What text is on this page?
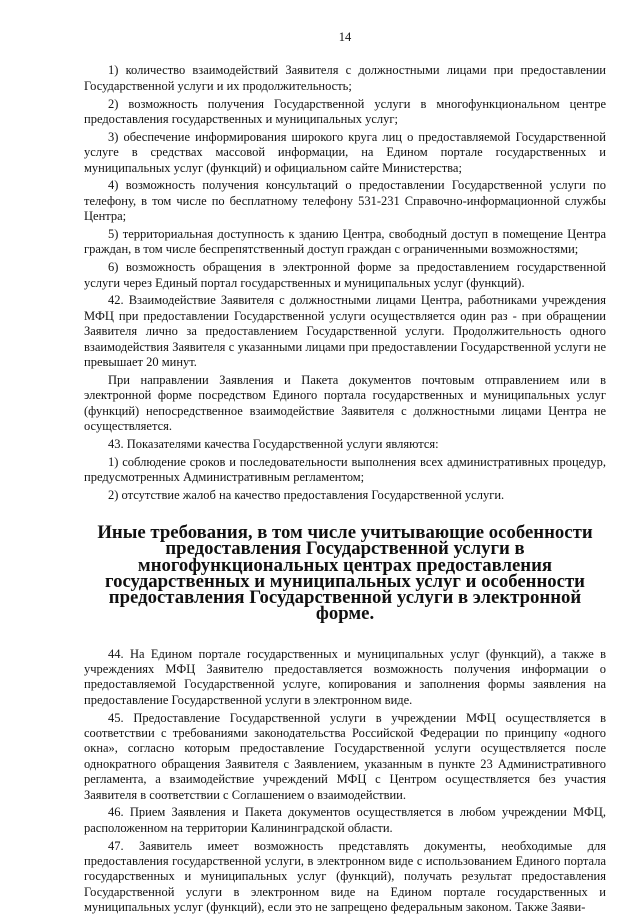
14

1) количество взаимодействий Заявителя с должностными лицами при предоставлении Государственной услуги и их продолжительность;

2) возможность получения Государственной услуги в многофункциональном центре предоставления государственных и муниципальных услуг;

3) обеспечение информирования широкого круга лиц о предоставляемой Государственной услуге в средствах массовой информации, на Едином портале государственных и муниципальных услуг (функций) и официальном сайте Министерства;

4) возможность получения консультаций о предоставлении Государственной услуги по телефону, в том числе по бесплатному телефону 531-231 Справочно-информационной службы Центра;

5) территориальная доступность к зданию Центра, свободный доступ в помещение Центра граждан, в том числе беспрепятственный доступ граждан с ограниченными возможностями;

6) возможность обращения в электронной форме за предоставлением государственной услуги через Единый портал государственных и муниципальных услуг (функций).

42. Взаимодействие Заявителя с должностными лицами Центра, работниками учреждения МФЦ при предоставлении Государственной услуги осуществляется один раз - при обращении Заявителя лично за предоставлением Государственной услуги. Продолжительность одного взаимодействия Заявителя с указанными лицами при предоставлении Государственной услуги не превышает 20 минут.

При направлении Заявления и Пакета документов почтовым отправлением или в электронной форме посредством Единого портала государственных и муниципальных услуг (функций) непосредственное взаимодействие Заявителя с должностными лицами Центра не осуществляется.

43. Показателями качества Государственной услуги являются:

1) соблюдение сроков и последовательности выполнения всех административных процедур, предусмотренных Административным регламентом;

2) отсутствие жалоб на качество предоставления Государственной услуги.

Иные требования, в том числе учитывающие особенности предоставления Государственной услуги в многофункциональных центрах предоставления государственных и муниципальных услуг и особенности предоставления Государственной услуги в электронной форме.

44. На Едином портале государственных и муниципальных услуг (функций), а также в учреждениях МФЦ Заявителю предоставляется возможность получения информации о предоставляемой Государственной услуге, копирования и заполнения формы заявления на предоставление Государственной услуги в электронном виде.

45. Предоставление Государственной услуги в учреждении МФЦ осуществляется в соответствии с требованиями законодательства Российской Федерации по принципу «одного окна», согласно которым предоставление Государственной услуги осуществляется после однократного обращения Заявителя с Заявлением, указанным в пункте 23 Административного регламента, а взаимодействие учреждений МФЦ с Центром осуществляется без участия Заявителя в соответствии с Соглашением о взаимодействии.

46. Прием Заявления и Пакета документов осуществляется в любом учреждении МФЦ, расположенном на территории Калининградской области.

47. Заявитель имеет возможность представлять документы, необходимые для предоставления государственной услуги, в электронном виде с использованием Единого портала государственных и муниципальных услуг (функций), получать результат предоставления Государственной услуги в электронном виде на Едином портале государственных и муниципальных услуг (функций), если это не запрещено федеральным законом. Также Заяви-
